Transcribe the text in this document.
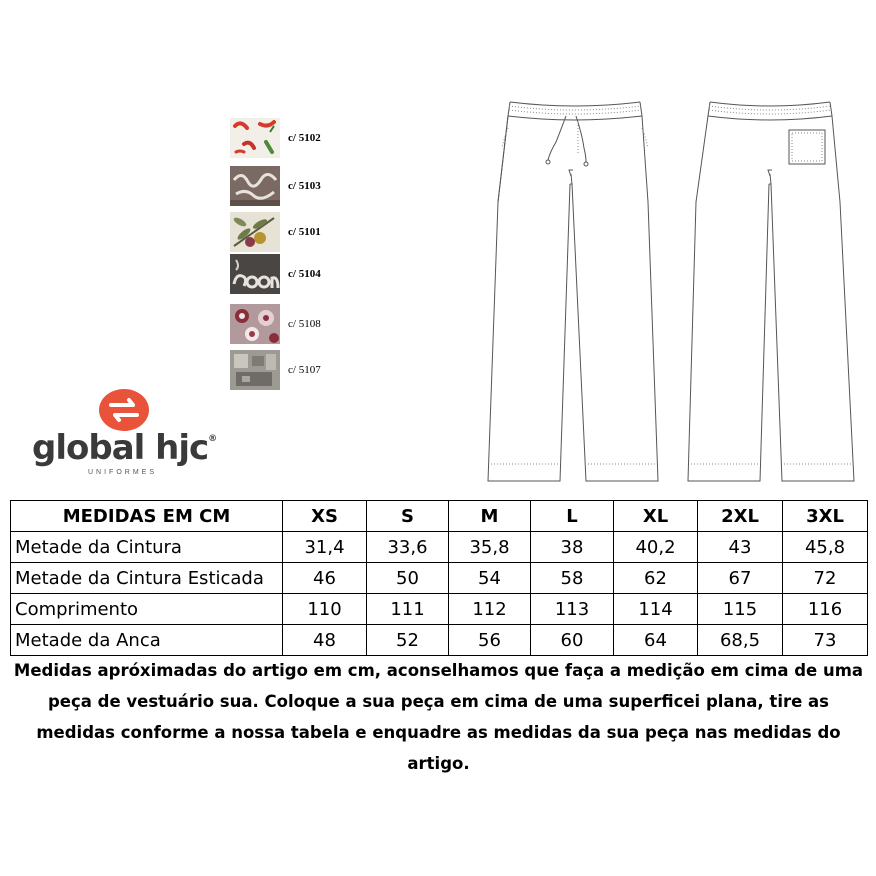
c/ 5102
c/ 5103
c/ 5101
c/ 5104
c/ 5108
c/ 5107
global hjc®
UNIFORMES
MEDIDAS EM CM	XS	S	M	L	XL	2XL	3XL
Metade da Cintura	31,4	33,6	35,8	38	40,2	43	45,8
Metade da Cintura Esticada	46	50	54	58	62	67	72
Comprimento	110	111	112	113	114	115	116
Metade da Anca	48	52	56	60	64	68,5	73
Medidas apróximadas do artigo em cm, aconselhamos que faça a medição em cima de uma peça de vestuário sua. Coloque a sua peça em cima de uma superficei plana, tire as medidas conforme a nossa tabela e enquadre as medidas da sua peça nas medidas do artigo.
